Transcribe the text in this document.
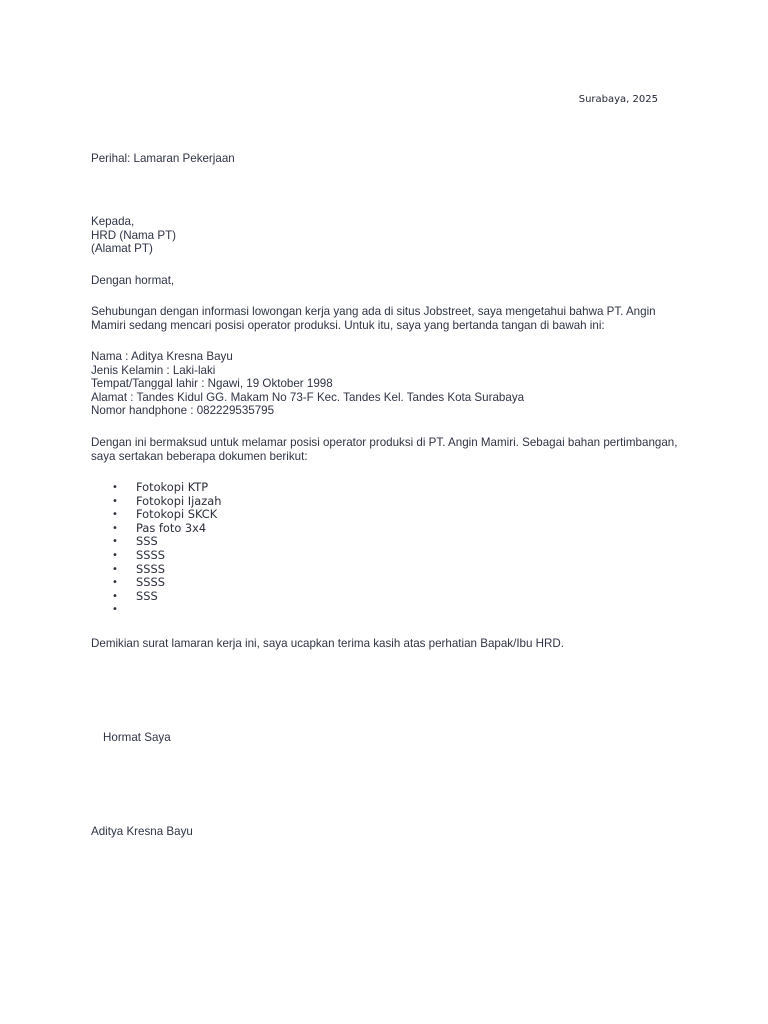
Surabaya, 2025
Perihal: Lamaran Pekerjaan
Kepada,
HRD (Nama PT)
(Alamat PT)
Dengan hormat,
Sehubungan dengan informasi lowongan kerja yang ada di situs Jobstreet, saya mengetahui bahwa PT. Angin
Mamiri sedang mencari posisi operator produksi. Untuk itu, saya yang bertanda tangan di bawah ini:
Nama : Aditya Kresna Bayu
Jenis Kelamin : Laki-laki
Tempat/Tanggal lahir : Ngawi, 19 Oktober 1998
Alamat : Tandes Kidul GG. Makam No 73-F Kec. Tandes Kel. Tandes Kota Surabaya
Nomor handphone : 082229535795
Dengan ini bermaksud untuk melamar posisi operator produksi di PT. Angin Mamiri. Sebagai bahan pertimbangan,
saya sertakan beberapa dokumen berikut:
• Fotokopi KTP
• Fotokopi Ijazah
• Fotokopi SKCK
• Pas foto 3x4
• SSS
• SSSS
• SSSS
• SSSS
• SSS
•
Demikian surat lamaran kerja ini, saya ucapkan terima kasih atas perhatian Bapak/Ibu HRD.
Hormat Saya
Aditya Kresna Bayu
